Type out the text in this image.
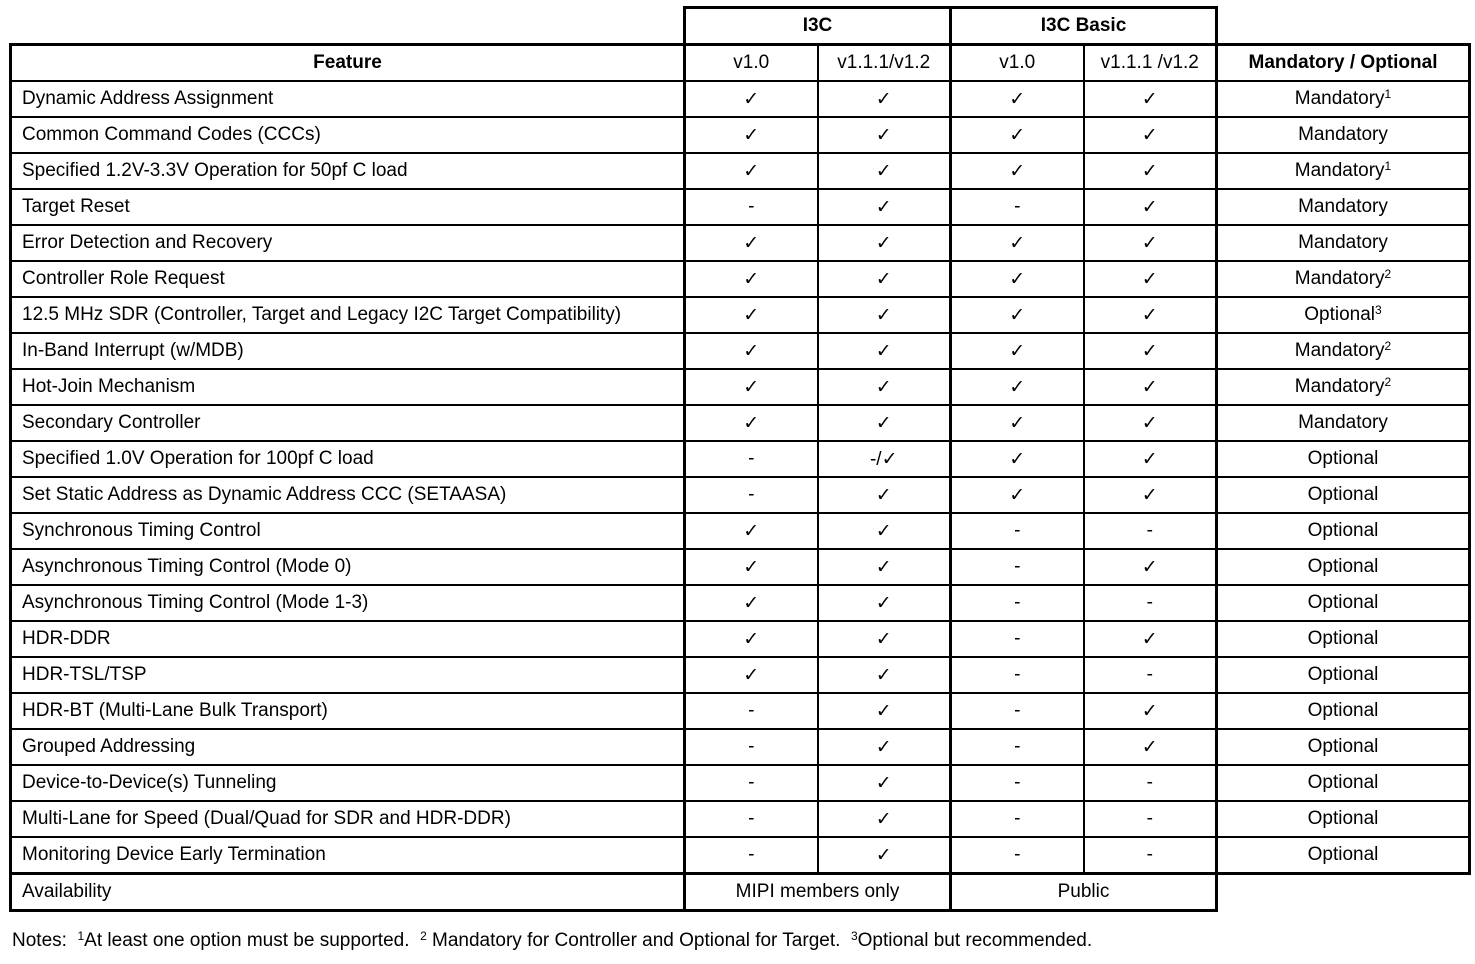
	I3C		I3C Basic		
Feature	v1.0	v1.1.1/v1.2	v1.0	v1.1.1 /v1.2	Mandatory / Optional
Dynamic Address Assignment	✓	✓	✓	✓	Mandatory$^1$
Common Command Codes (CCCs)	✓	✓	✓	✓	Mandatory
Specified 1.2V-3.3V Operation for 50pf C load	✓	✓	✓	✓	Mandatory$^1$
Target Reset	-	✓	-	✓	Mandatory
Error Detection and Recovery	✓	✓	✓	✓	Mandatory
Controller Role Request	✓	✓	✓	✓	Mandatory$^2$
12.5 MHz SDR (Controller, Target and Legacy I2C Target Compatibility)	✓	✓	✓	✓	Optional$^3$
In-Band Interrupt (w/MDB)	✓	✓	✓	✓	Mandatory$^2$
Hot-Join Mechanism	✓	✓	✓	✓	Mandatory$^2$
Secondary Controller	✓	✓	✓	✓	Mandatory
Specified 1.0V Operation for 100pf C load	-	-/✓	✓	✓	Optional
Set Static Address as Dynamic Address CCC (SETAASA)	-	✓	✓	✓	Optional
Synchronous Timing Control	✓	✓	-	-	Optional
Asynchronous Timing Control (Mode 0)	✓	✓	-	✓	Optional
Asynchronous Timing Control (Mode 1-3)	✓	✓	-	-	Optional
HDR-DDR	✓	✓	-	✓	Optional
HDR-TSL/TSP	✓	✓	-	-	Optional
HDR-BT (Multi-Lane Bulk Transport)	-	✓	-	✓	Optional
Grouped Addressing	-	✓	-	✓	Optional
Device-to-Device(s) Tunneling	-	✓	-	-	Optional
Multi-Lane for Speed (Dual/Quad for SDR and HDR-DDR)	-	✓	-	-	Optional
Monitoring Device Early Termination	-	✓	-	-	Optional
Availability	MIPI members only		Public		
Notes: $^1$At least one option must be supported. $^2$ Mandatory for Controller and Optional for Target. $^3$Optional but recommended.
